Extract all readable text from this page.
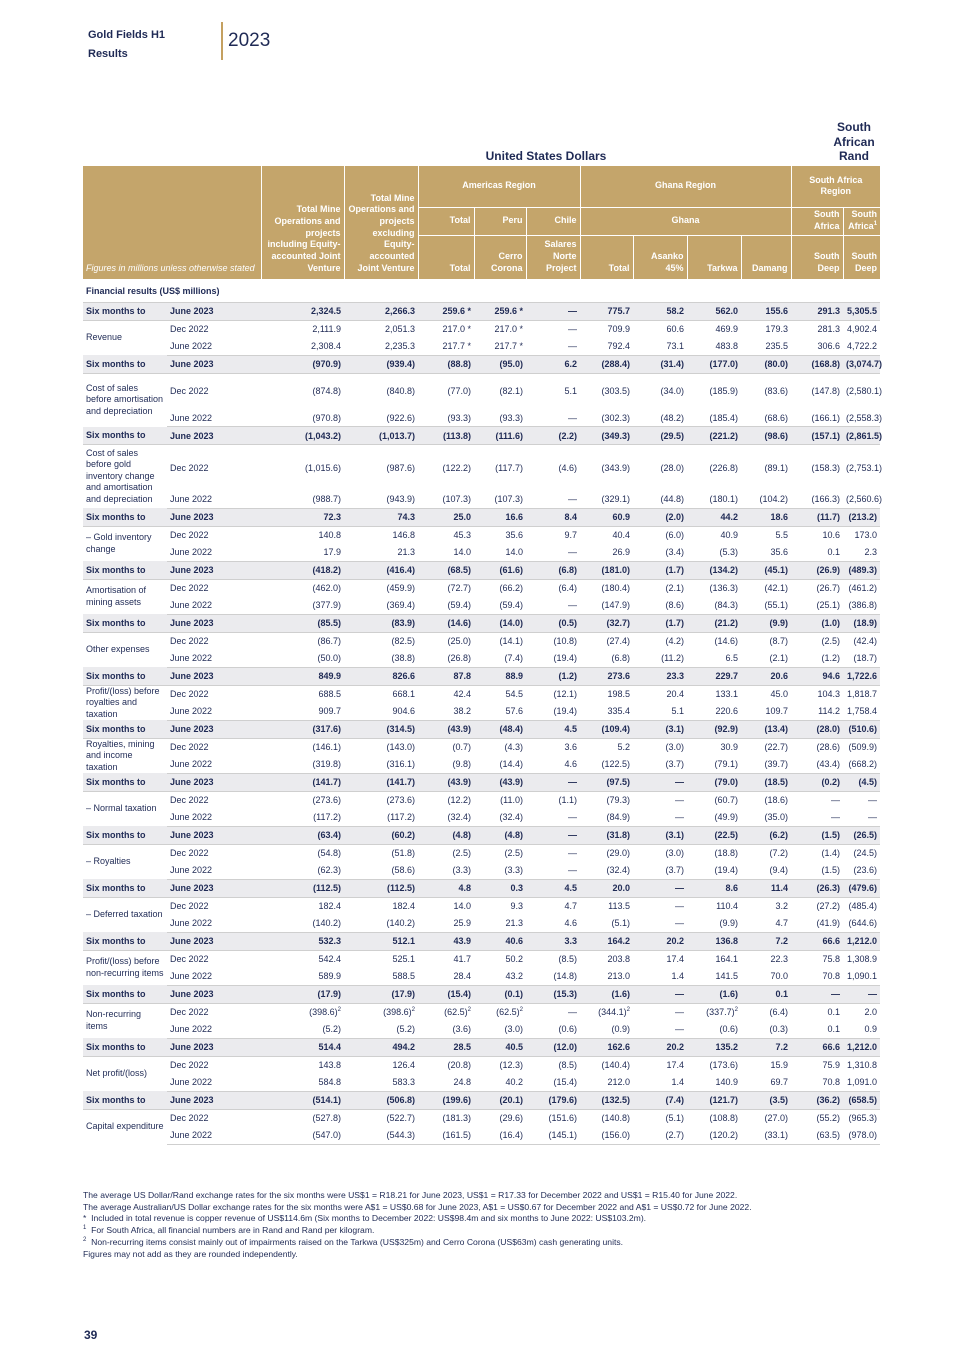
Gold Fields H1
Results
2023
United States Dollars
South
African
Rand
Figures in millions unless otherwise stated		Total Mine Operations and projects including Equity-accounted Joint Venture	Total Mine Operations and projects excluding Equity-accounted Joint Venture	Americas Region			Ghana Region				South Africa Region	
				Total	Peru	Chile	Ghana				South Africa	South Africa$^1$
				Total	Cerro Corona	Salares Norte Project	Total	Asanko 45%	Tarkwa	Damang	South Deep	South Deep
Financial results (US$ millions)												
Six months to	June 2023	2,324.5	2,266.3	259.6 *	259.6 *	—	775.7	58.2	562.0	155.6	291.3	5,305.5
Revenue	Dec 2022	2,111.9	2,051.3	217.0 *	217.0 *	—	709.9	60.6	469.9	179.3	281.3	4,902.4
	June 2022	2,308.4	2,235.3	217.7 *	217.7 *	—	792.4	73.1	483.8	235.5	306.6	4,722.2
Six months to	June 2023	(970.9)	(939.4)	(88.8)	(95.0)	6.2	(288.4)	(31.4)	(177.0)	(80.0)	(168.8)	(3,074.7)
Cost of sales before amortisation and depreciation	Dec 2022	(874.8)	(840.8)	(77.0)	(82.1)	5.1	(303.5)	(34.0)	(185.9)	(83.6)	(147.8)	(2,580.1)
	June 2022	(970.8)	(922.6)	(93.3)	(93.3)	—	(302.3)	(48.2)	(185.4)	(68.6)	(166.1)	(2,558.3)
Six months to	June 2023	(1,043.2)	(1,013.7)	(113.8)	(111.6)	(2.2)	(349.3)	(29.5)	(221.2)	(98.6)	(157.1)	(2,861.5)
Cost of sales before gold inventory change and amortisation and depreciation	Dec 2022	(1,015.6)	(987.6)	(122.2)	(117.7)	(4.6)	(343.9)	(28.0)	(226.8)	(89.1)	(158.3)	(2,753.1)
	June 2022	(988.7)	(943.9)	(107.3)	(107.3)	—	(329.1)	(44.8)	(180.1)	(104.2)	(166.3)	(2,560.6)
Six months to	June 2023	72.3	74.3	25.0	16.6	8.4	60.9	(2.0)	44.2	18.6	(11.7)	(213.2)
– Gold inventory change	Dec 2022	140.8	146.8	45.3	35.6	9.7	40.4	(6.0)	40.9	5.5	10.6	173.0
	June 2022	17.9	21.3	14.0	14.0	—	26.9	(3.4)	(5.3)	35.6	0.1	2.3
Six months to	June 2023	(418.2)	(416.4)	(68.5)	(61.6)	(6.8)	(181.0)	(1.7)	(134.2)	(45.1)	(26.9)	(489.3)
Amortisation of mining assets	Dec 2022	(462.0)	(459.9)	(72.7)	(66.2)	(6.4)	(180.4)	(2.1)	(136.3)	(42.1)	(26.7)	(461.2)
	June 2022	(377.9)	(369.4)	(59.4)	(59.4)	—	(147.9)	(8.6)	(84.3)	(55.1)	(25.1)	(386.8)
Six months to	June 2023	(85.5)	(83.9)	(14.6)	(14.0)	(0.5)	(32.7)	(1.7)	(21.2)	(9.9)	(1.0)	(18.9)
Other expenses	Dec 2022	(86.7)	(82.5)	(25.0)	(14.1)	(10.8)	(27.4)	(4.2)	(14.6)	(8.7)	(2.5)	(42.4)
	June 2022	(50.0)	(38.8)	(26.8)	(7.4)	(19.4)	(6.8)	(11.2)	6.5	(2.1)	(1.2)	(18.7)
Six months to	June 2023	849.9	826.6	87.8	88.9	(1.2)	273.6	23.3	229.7	20.6	94.6	1,722.6
Profit/(loss) before royalties and taxation	Dec 2022	688.5	668.1	42.4	54.5	(12.1)	198.5	20.4	133.1	45.0	104.3	1,818.7
	June 2022	909.7	904.6	38.2	57.6	(19.4)	335.4	5.1	220.6	109.7	114.2	1,758.4
Six months to	June 2023	(317.6)	(314.5)	(43.9)	(48.4)	4.5	(109.4)	(3.1)	(92.9)	(13.4)	(28.0)	(510.6)
Royalties, mining and income taxation	Dec 2022	(146.1)	(143.0)	(0.7)	(4.3)	3.6	5.2	(3.0)	30.9	(22.7)	(28.6)	(509.9)
	June 2022	(319.8)	(316.1)	(9.8)	(14.4)	4.6	(122.5)	(3.7)	(79.1)	(39.7)	(43.4)	(668.2)
Six months to	June 2023	(141.7)	(141.7)	(43.9)	(43.9)	—	(97.5)	—	(79.0)	(18.5)	(0.2)	(4.5)
– Normal taxation	Dec 2022	(273.6)	(273.6)	(12.2)	(11.0)	(1.1)	(79.3)	—	(60.7)	(18.6)	—	—
	June 2022	(117.2)	(117.2)	(32.4)	(32.4)	—	(84.9)	—	(49.9)	(35.0)	—	—
Six months to	June 2023	(63.4)	(60.2)	(4.8)	(4.8)	—	(31.8)	(3.1)	(22.5)	(6.2)	(1.5)	(26.5)
– Royalties	Dec 2022	(54.8)	(51.8)	(2.5)	(2.5)	—	(29.0)	(3.0)	(18.8)	(7.2)	(1.4)	(24.5)
	June 2022	(62.3)	(58.6)	(3.3)	(3.3)	—	(32.4)	(3.7)	(19.4)	(9.4)	(1.5)	(23.6)
Six months to	June 2023	(112.5)	(112.5)	4.8	0.3	4.5	20.0	—	8.6	11.4	(26.3)	(479.6)
– Deferred taxation	Dec 2022	182.4	182.4	14.0	9.3	4.7	113.5	—	110.4	3.2	(27.2)	(485.4)
	June 2022	(140.2)	(140.2)	25.9	21.3	4.6	(5.1)	—	(9.9)	4.7	(41.9)	(644.6)
Six months to	June 2023	532.3	512.1	43.9	40.6	3.3	164.2	20.2	136.8	7.2	66.6	1,212.0
Profit/(loss) before non-recurring items	Dec 2022	542.4	525.1	41.7	50.2	(8.5)	203.8	17.4	164.1	22.3	75.8	1,308.9
	June 2022	589.9	588.5	28.4	43.2	(14.8)	213.0	1.4	141.5	70.0	70.8	1,090.1
Six months to	June 2023	(17.9)	(17.9)	(15.4)	(0.1)	(15.3)	(1.6)	—	(1.6)	0.1	—	—
Non-recurring items	Dec 2022	$(398.6)^2$	$(398.6)^2$	$(62.5)^2$	$(62.5)^2$	—	$(344.1)^2$	—	$(337.7)^2$	(6.4)	0.1	2.0
	June 2022	(5.2)	(5.2)	(3.6)	(3.0)	(0.6)	(0.9)	—	(0.6)	(0.3)	0.1	0.9
Six months to	June 2023	514.4	494.2	28.5	40.5	(12.0)	162.6	20.2	135.2	7.2	66.6	1,212.0
Net profit/(loss)	Dec 2022	143.8	126.4	(20.8)	(12.3)	(8.5)	(140.4)	17.4	(173.6)	15.9	75.9	1,310.8
	June 2022	584.8	583.3	24.8	40.2	(15.4)	212.0	1.4	140.9	69.7	70.8	1,091.0
Six months to	June 2023	(514.1)	(506.8)	(199.6)	(20.1)	(179.6)	(132.5)	(7.4)	(121.7)	(3.5)	(36.2)	(658.5)
Capital expenditure	Dec 2022	(527.8)	(522.7)	(181.3)	(29.6)	(151.6)	(140.8)	(5.1)	(108.8)	(27.0)	(55.2)	(965.3)
	June 2022	(547.0)	(544.3)	(161.5)	(16.4)	(145.1)	(156.0)	(2.7)	(120.2)	(33.1)	(63.5)	(978.0)
The average US Dollar/Rand exchange rates for the six months were US$1 = R18.21 for June 2023, US$1 = R17.33 for December 2022 and US$1 = R15.40 for June 2022.
The average Australian/US Dollar exchange rates for the six months were A$1 = US$0.68 for June 2023, A$1 = US$0.67 for December 2022 and A$1 = US$0.72 for June 2022.
* Included in total revenue is copper revenue of US$114.6m (Six months to December 2022: US$98.4m and six months to June 2022: US$103.2m).
$^1$ For South Africa, all financial numbers are in Rand and Rand per kilogram.
$^2$ Non-recurring items consist mainly out of impairments raised on the Tarkwa (US$325m) and Cerro Corona (US$63m) cash generating units.
Figures may not add as they are rounded independently.
39
